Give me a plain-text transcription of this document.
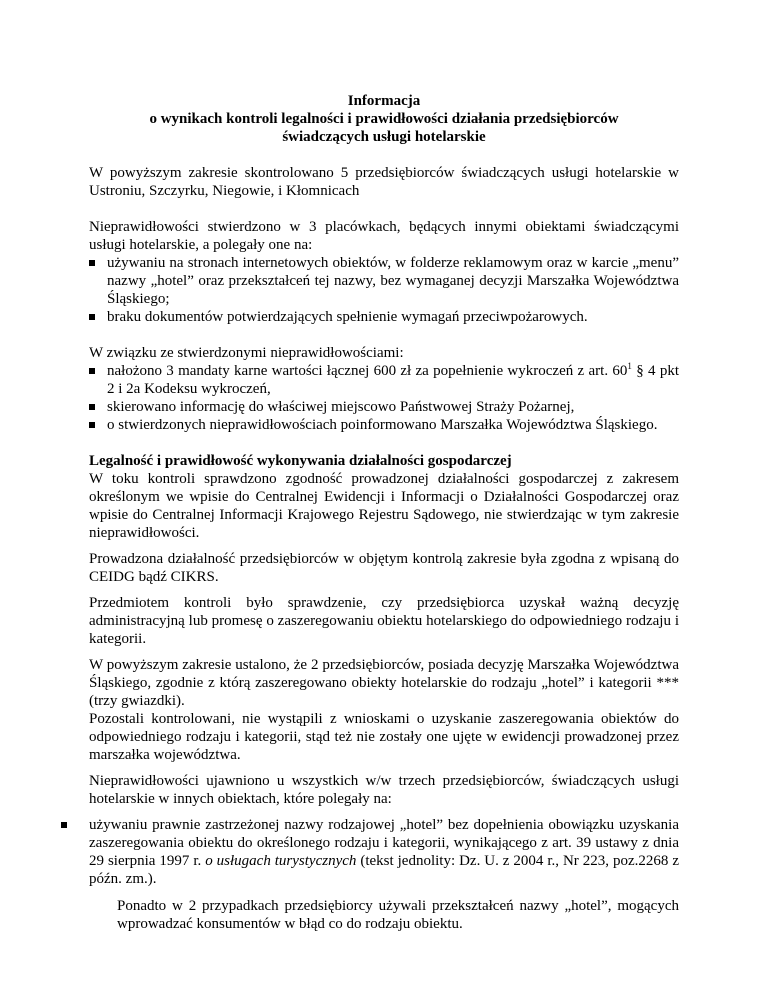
Informacja

o wynikach kontroli legalności i prawidłowości działania przedsiębiorców

świadczących usługi hotelarskie

W powyższym zakresie skontrolowano 5 przedsiębiorców świadczących usługi hotelarskie w Ustroniu, Szczyrku, Niegowie, i Kłomnicach

Nieprawidłowości stwierdzono w 3 placówkach, będących innymi obiektami świadczącymi usługi hotelarskie, a polegały one na:

używaniu na stronach internetowych obiektów, w folderze reklamowym oraz w karcie „menu” nazwy „hotel” oraz przekształceń tej nazwy, bez wymaganej decyzji Marszałka Województwa Śląskiego;
braku dokumentów potwierdzających spełnienie wymagań przeciwpożarowych.

W związku ze stwierdzonymi nieprawidłowościami:

nałożono 3 mandaty karne wartości łącznej 600 zł za popełnienie wykroczeń z art. $60^1$ § 4 pkt 2 i 2a Kodeksu wykroczeń,
skierowano informację do właściwej miejscowo Państwowej Straży Pożarnej,
o stwierdzonych nieprawidłowościach poinformowano Marszałka Województwa Śląskiego.

Legalność i prawidłowość wykonywania działalności gospodarczej

W toku kontroli sprawdzono zgodność prowadzonej działalności gospodarczej z zakresem określonym we wpisie do Centralnej Ewidencji i Informacji o Działalności Gospodarczej oraz wpisie do Centralnej Informacji Krajowego Rejestru Sądowego, nie stwierdzając w tym zakresie nieprawidłowości.

Prowadzona działalność przedsiębiorców w objętym kontrolą zakresie była zgodna z wpisaną do CEIDG bądź CIKRS.

Przedmiotem kontroli było sprawdzenie, czy przedsiębiorca uzyskał ważną decyzję administracyjną lub promesę o zaszeregowaniu obiektu hotelarskiego do odpowiedniego rodzaju i kategorii.

W powyższym zakresie ustalono, że 2 przedsiębiorców, posiada decyzję Marszałka Województwa Śląskiego, zgodnie z którą zaszeregowano obiekty hotelarskie do rodzaju „hotel” i kategorii *** (trzy gwiazdki).

Pozostali kontrolowani, nie wystąpili z wnioskami o uzyskanie zaszeregowania obiektów do odpowiedniego rodzaju i kategorii, stąd też nie zostały one ujęte w ewidencji prowadzonej przez marszałka województwa.

Nieprawidłowości ujawniono u wszystkich w/w trzech przedsiębiorców, świadczących usługi hotelarskie w innych obiektach, które polegały na:

używaniu prawnie zastrzeżonej nazwy rodzajowej „hotel” bez dopełnienia obowiązku uzyskania zaszeregowania obiektu do określonego rodzaju i kategorii, wynikającego z art. 39 ustawy z dnia 29 sierpnia 1997 r. o usługach turystycznych (tekst jednolity: Dz. U. z 2004 r., Nr 223, poz.2268 z późn. zm.).

Ponadto w 2 przypadkach przedsiębiorcy używali przekształceń nazwy „hotel”, mogących wprowadzać konsumentów w błąd co do rodzaju obiektu.
